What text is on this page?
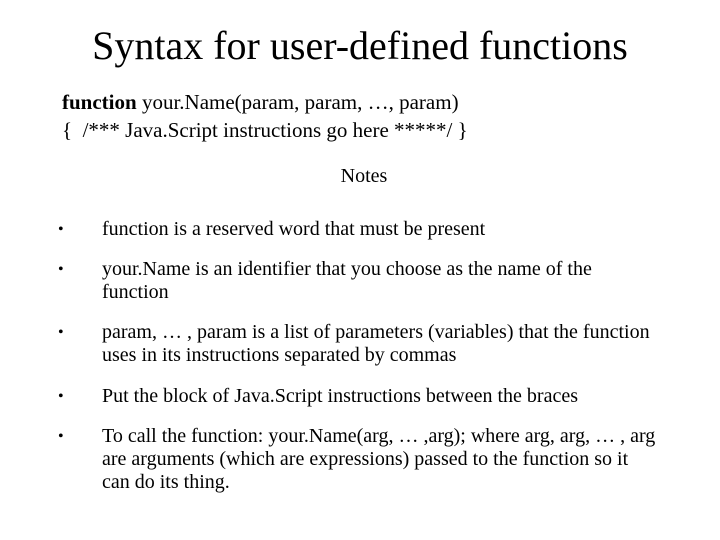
Syntax for user-defined functions
function your.Name(param, param, …, param)
{  /*** Java.Script instructions go here *****/ }
Notes
• function is a reserved word that must be present
• your.Name is an identifier that you choose as the name of the function
• param, … , param is a list of parameters (variables) that the function uses in its instructions separated by commas
• Put the block of Java.Script instructions between the braces
• To call the function: your.Name(arg, … ,arg); where arg, arg, … , arg are arguments (which are expressions) passed to the function so it can do its thing.
